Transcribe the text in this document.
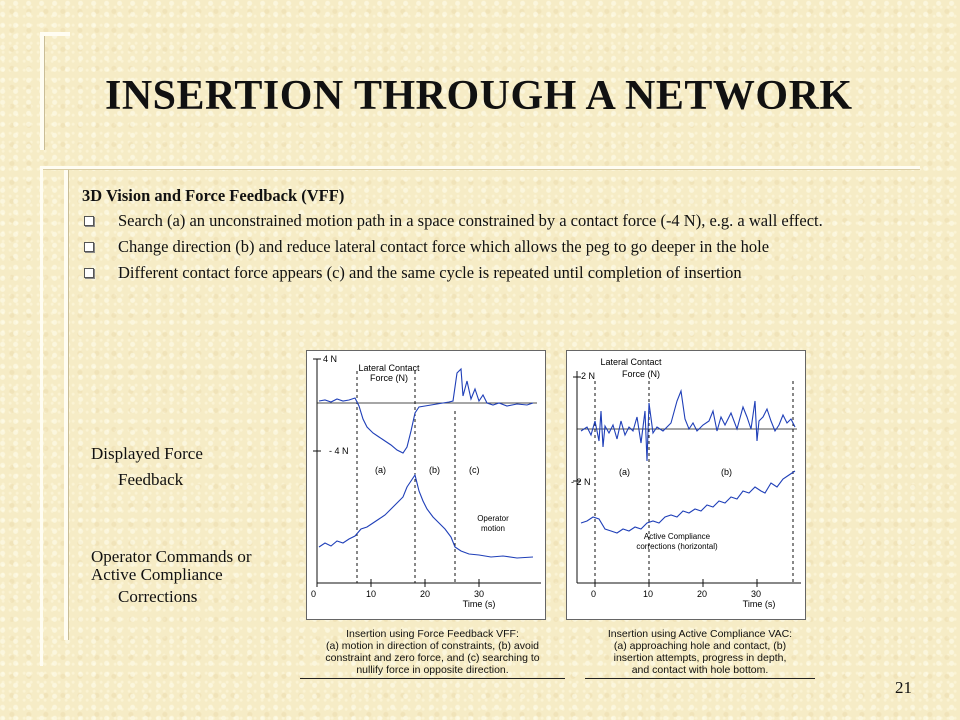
INSERTION THROUGH A NETWORK

3D Vision and Force Feedback (VFF)

Search (a) an unconstrained motion path in a space constrained by a contact force (-4 N), e.g. a wall effect.
Change direction (b) and reduce lateral contact force which allows the peg to go deeper in the hole
Different contact force appears (c) and the same cycle is repeated until completion of insertion
Displayed Force
Feedback
Operator Commands or
Active Compliance
Corrections
4 N
- 4 N
Lateral Contact
Force (N)
(a)	(b)	(c)
Operator
motion
0	10	20	30
Time (s)
2 N
- 2 N
Lateral Contact
Force (N)
(a)	(b)
Active Compliance
corrections (horizontal)
0	10	20	30
Time (s)
Insertion using Force Feedback VFF:
(a) motion in direction of constraints, (b) avoid
constraint and zero force, and (c) searching to
nullify force in opposite direction.
Insertion using Active Compliance VAC:
(a) approaching hole and contact, (b)
insertion attempts, progress in depth,
and contact with hole bottom.
21
